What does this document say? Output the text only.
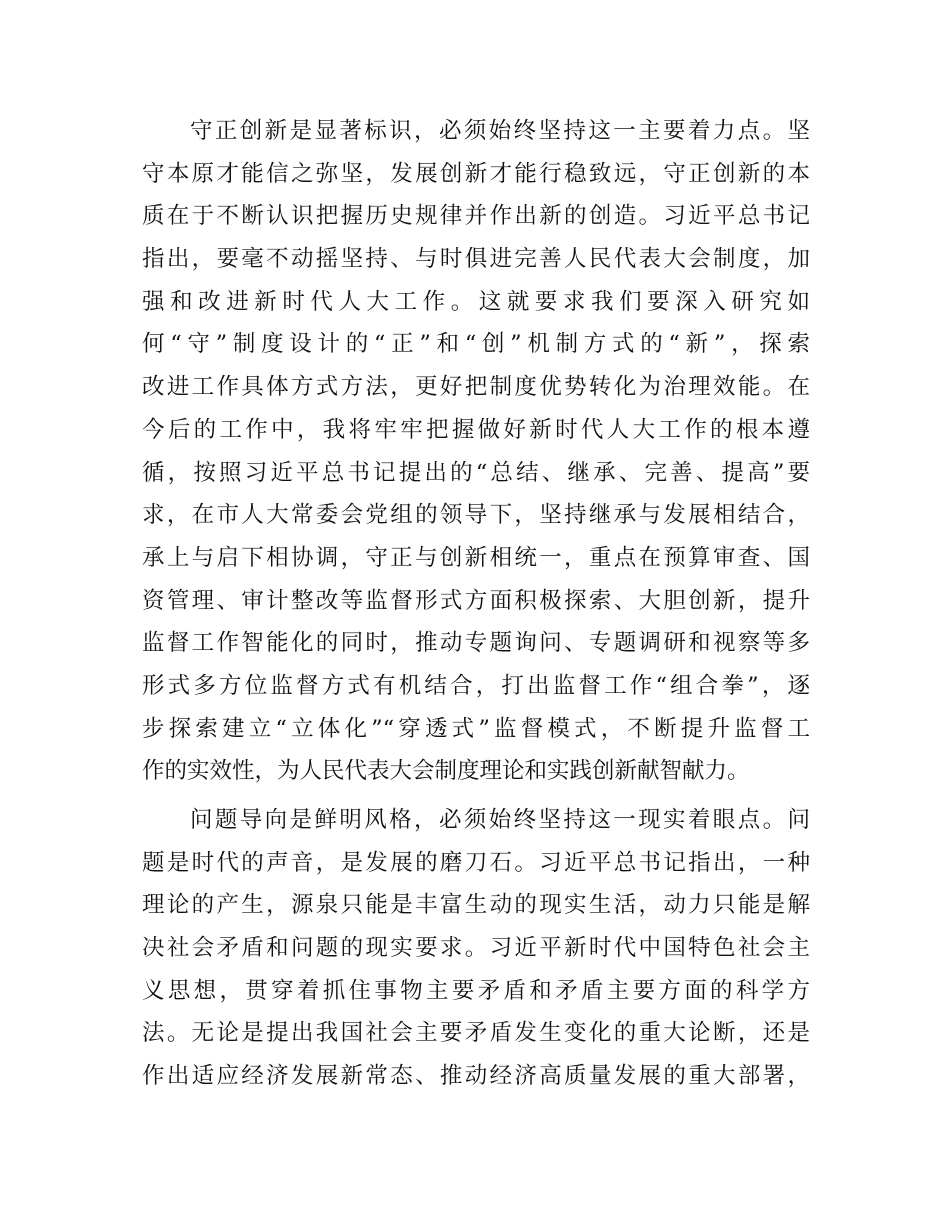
守正创新是显著标识，必须始终坚持这一主要着力点。坚
守本原才能信之弥坚，发展创新才能行稳致远，守正创新的本
质在于不断认识把握历史规律并作出新的创造。习近平总书记
指出，要毫不动摇坚持、与时俱进完善人民代表大会制度，加
强和改进新时代人大工作。这就要求我们要深入研究如
何“守”制度设计的“正”和“创”机制方式的“新”，探索
改进工作具体方式方法，更好把制度优势转化为治理效能。在
今后的工作中，我将牢牢把握做好新时代人大工作的根本遵
循，按照习近平总书记提出的“总结、继承、完善、提高”要
求，在市人大常委会党组的领导下，坚持继承与发展相结合，
承上与启下相协调，守正与创新相统一，重点在预算审查、国
资管理、审计整改等监督形式方面积极探索、大胆创新，提升
监督工作智能化的同时，推动专题询问、专题调研和视察等多
形式多方位监督方式有机结合，打出监督工作“组合拳”，逐
步探索建立“立体化”“穿透式”监督模式，不断提升监督工
作的实效性，为人民代表大会制度理论和实践创新献智献力。
问题导向是鲜明风格，必须始终坚持这一现实着眼点。问
题是时代的声音，是发展的磨刀石。习近平总书记指出，一种
理论的产生，源泉只能是丰富生动的现实生活，动力只能是解
决社会矛盾和问题的现实要求。习近平新时代中国特色社会主
义思想，贯穿着抓住事物主要矛盾和矛盾主要方面的科学方
法。无论是提出我国社会主要矛盾发生变化的重大论断，还是
作出适应经济发展新常态、推动经济高质量发展的重大部署，
